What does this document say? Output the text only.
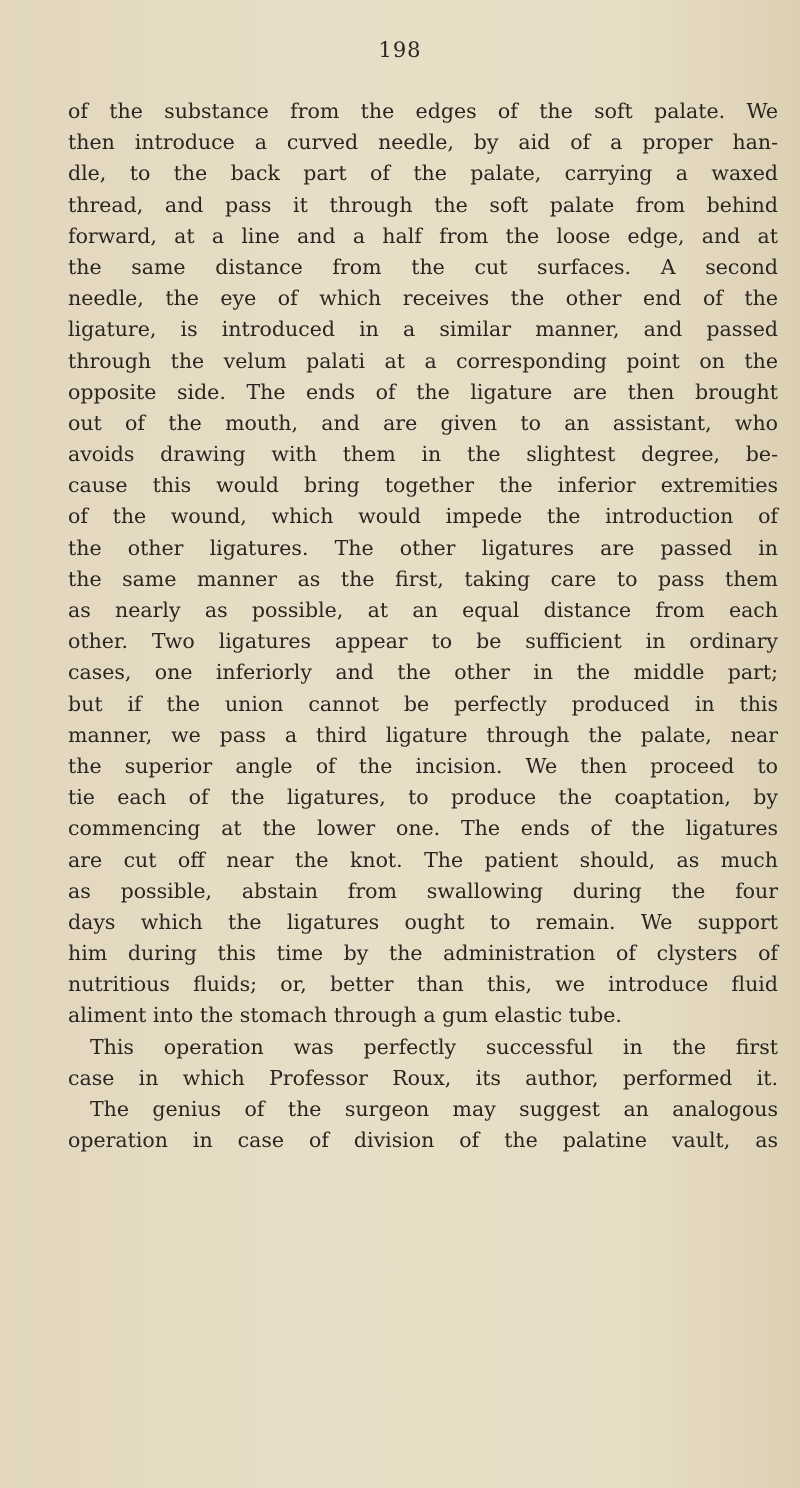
198
of the substance from the edges of the soft palate. We
then introduce a curved needle, by aid of a proper han-
dle, to the back part of the palate, carrying a waxed
thread, and pass it through the soft palate from behind
forward, at a line and a half from the loose edge, and at
the same distance from the cut surfaces. A second
needle, the eye of which receives the other end of the
ligature, is introduced in a similar manner, and passed
through the velum palati at a corresponding point on the
opposite side. The ends of the ligature are then brought
out of the mouth, and are given to an assistant, who
avoids drawing with them in the slightest degree, be-
cause this would bring together the inferior extremities
of the wound, which would impede the introduction of
the other ligatures. The other ligatures are passed in
the same manner as the first, taking care to pass them
as nearly as possible, at an equal distance from each
other. Two ligatures appear to be sufficient in ordinary
cases, one inferiorly and the other in the middle part;
but if the union cannot be perfectly produced in this
manner, we pass a third ligature through the palate, near
the superior angle of the incision. We then proceed to
tie each of the ligatures, to produce the coaptation, by
commencing at the lower one. The ends of the ligatures
are cut off near the knot. The patient should, as much
as possible, abstain from swallowing during the four
days which the ligatures ought to remain. We support
him during this time by the administration of clysters of
nutritious fluids; or, better than this, we introduce fluid
aliment into the stomach through a gum elastic tube.
This operation was perfectly successful in the first
case in which Professor Roux, its author, performed it.
The genius of the surgeon may suggest an analogous
operation in case of division of the palatine vault, as
